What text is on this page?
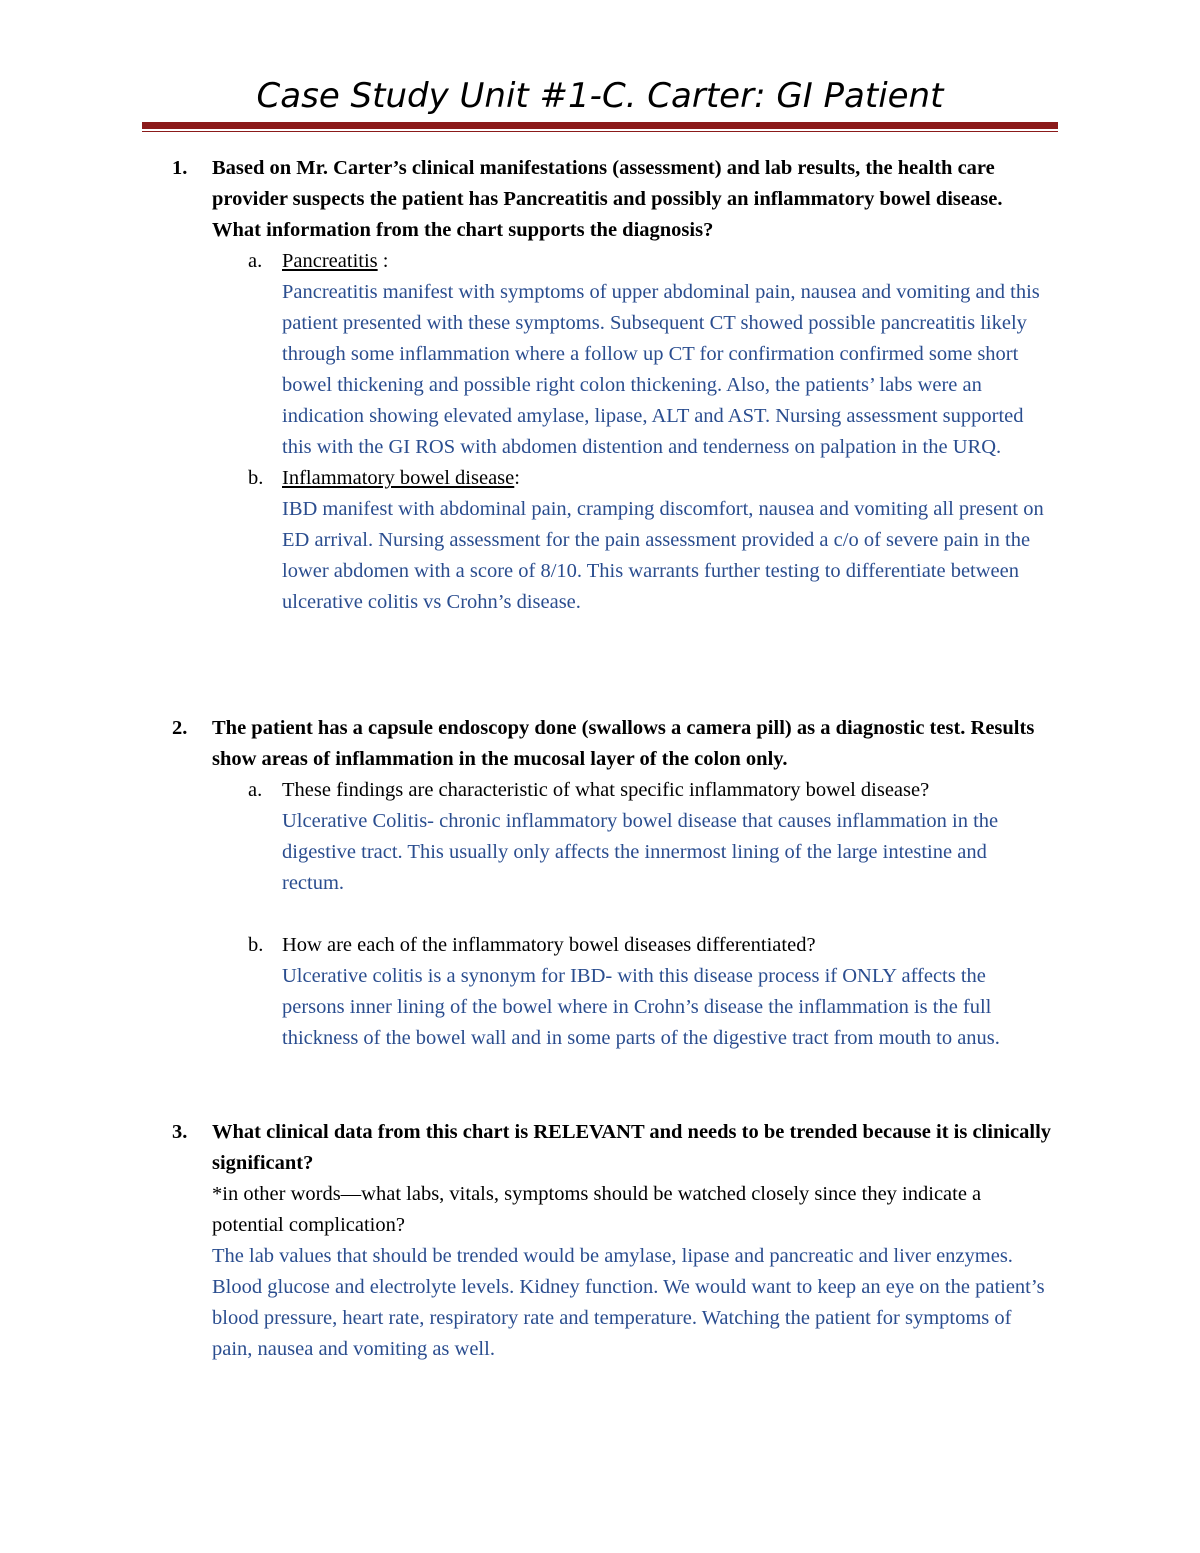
Case Study Unit #1-C. Carter: GI Patient
1. Based on Mr. Carter’s clinical manifestations (assessment) and lab results, the health care provider suspects the patient has Pancreatitis and possibly an inflammatory bowel disease. What information from the chart supports the diagnosis?
a. Pancreatitis :
Pancreatitis manifest with symptoms of upper abdominal pain, nausea and vomiting and this patient presented with these symptoms. Subsequent CT showed possible pancreatitis likely through some inflammation where a follow up CT for confirmation confirmed some short bowel thickening and possible right colon thickening. Also, the patients’ labs were an indication showing elevated amylase, lipase, ALT and AST. Nursing assessment supported this with the GI ROS with abdomen distention and tenderness on palpation in the URQ.
b. Inflammatory bowel disease:
IBD manifest with abdominal pain, cramping discomfort, nausea and vomiting all present on ED arrival. Nursing assessment for the pain assessment provided a c/o of severe pain in the lower abdomen with a score of 8/10. This warrants further testing to differentiate between ulcerative colitis vs Crohn’s disease.
2. The patient has a capsule endoscopy done (swallows a camera pill) as a diagnostic test. Results show areas of inflammation in the mucosal layer of the colon only.
a. These findings are characteristic of what specific inflammatory bowel disease?
Ulcerative Colitis- chronic inflammatory bowel disease that causes inflammation in the digestive tract. This usually only affects the innermost lining of the large intestine and rectum.
b. How are each of the inflammatory bowel diseases differentiated?
Ulcerative colitis is a synonym for IBD- with this disease process if ONLY affects the persons inner lining of the bowel where in Crohn’s disease the inflammation is the full thickness of the bowel wall and in some parts of the digestive tract from mouth to anus.
3. What clinical data from this chart is RELEVANT and needs to be trended because it is clinically significant?
*in other words—what labs, vitals, symptoms should be watched closely since they indicate a potential complication?
The lab values that should be trended would be amylase, lipase and pancreatic and liver enzymes. Blood glucose and electrolyte levels. Kidney function. We would want to keep an eye on the patient’s blood pressure, heart rate, respiratory rate and temperature. Watching the patient for symptoms of pain, nausea and vomiting as well.
